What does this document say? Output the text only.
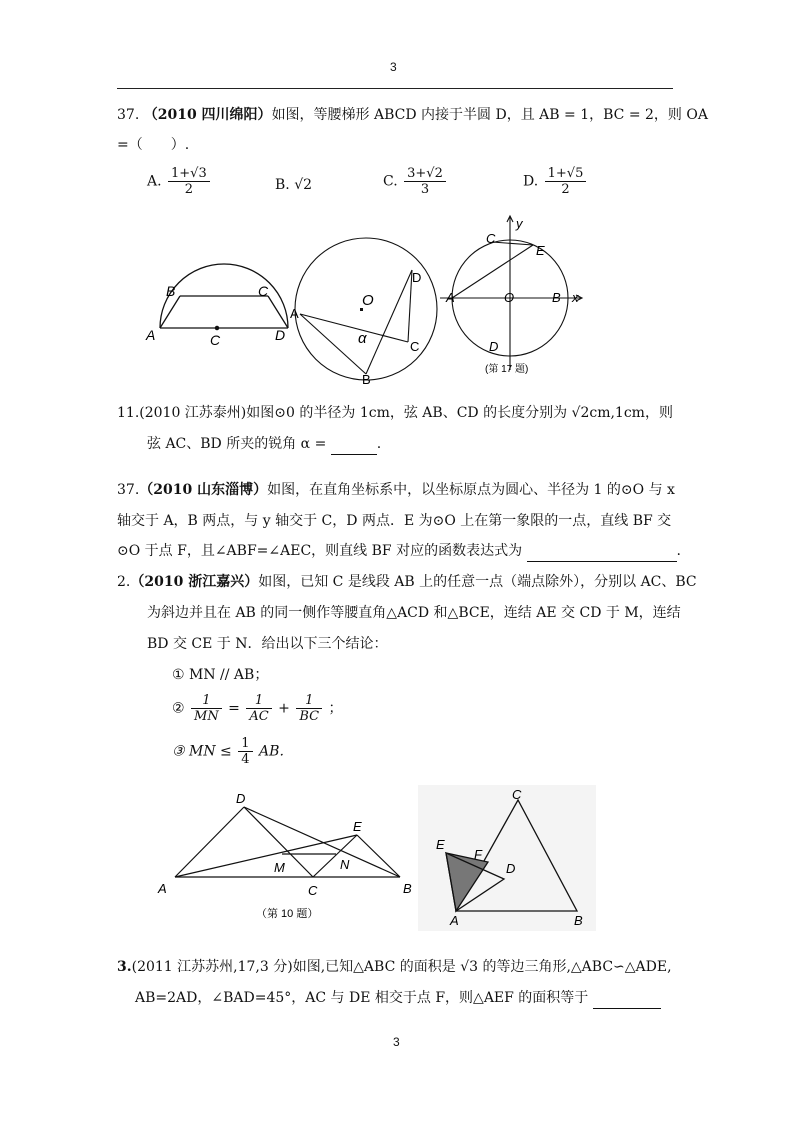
3
37. （2010 四川绵阳）如图，等腰梯形 ABCD 内接于半圆 D，且 AB = 1，BC = 2，则 OA
=（　　）.
A. $\frac{1+√3}{2}$	B. √2	C. $\frac{3+√2}{3}$	D. $\frac{1+√5}{2}$
B	C
A	C	D
O
D
A
C
B
α
y
C
E
A	O	B x
D
(第 17 题)
11.(2010 江苏泰州)如图⊙0 的半径为 1cm，弦 AB、CD 的长度分别为 √2cm,1cm，则
弦 AC、BD 所夹的锐角 α =	.
37.（2010 山东淄博）如图，在直角坐标系中，以坐标原点为圆心、半径为 1 的⊙O 与 x
轴交于 A，B 两点，与 y 轴交于 C，D 两点．E 为⊙O 上在第一象限的一点，直线 BF 交
⊙O 于点 F，且∠ABF=∠AEC，则直线 BF 对应的函数表达式为	.
2.（2010 浙江嘉兴）如图，已知 C 是线段 AB 上的任意一点（端点除外），分别以 AC、BC
为斜边并且在 AB 的同一侧作等腰直角△ACD 和△BCE，连结 AE 交 CD 于 M，连结
BD 交 CE 于 N．给出以下三个结论：
① MN // AB；
② $\frac{1}{MN} = \frac{1}{AC} + \frac{1}{BC}$ ；
③ MN ≤ $\frac{1}{4}$ AB．
D
E
M	N
A	C	B
（第 10 题）
C
E
F
D
A	B
3.(2011 江苏苏州,17,3 分)如图,已知△ABC 的面积是 √3 的等边三角形,△ABC∽△ADE,
AB=2AD，∠BAD=45°，AC 与 DE 相交于点 F，则△AEF 的面积等于
3
